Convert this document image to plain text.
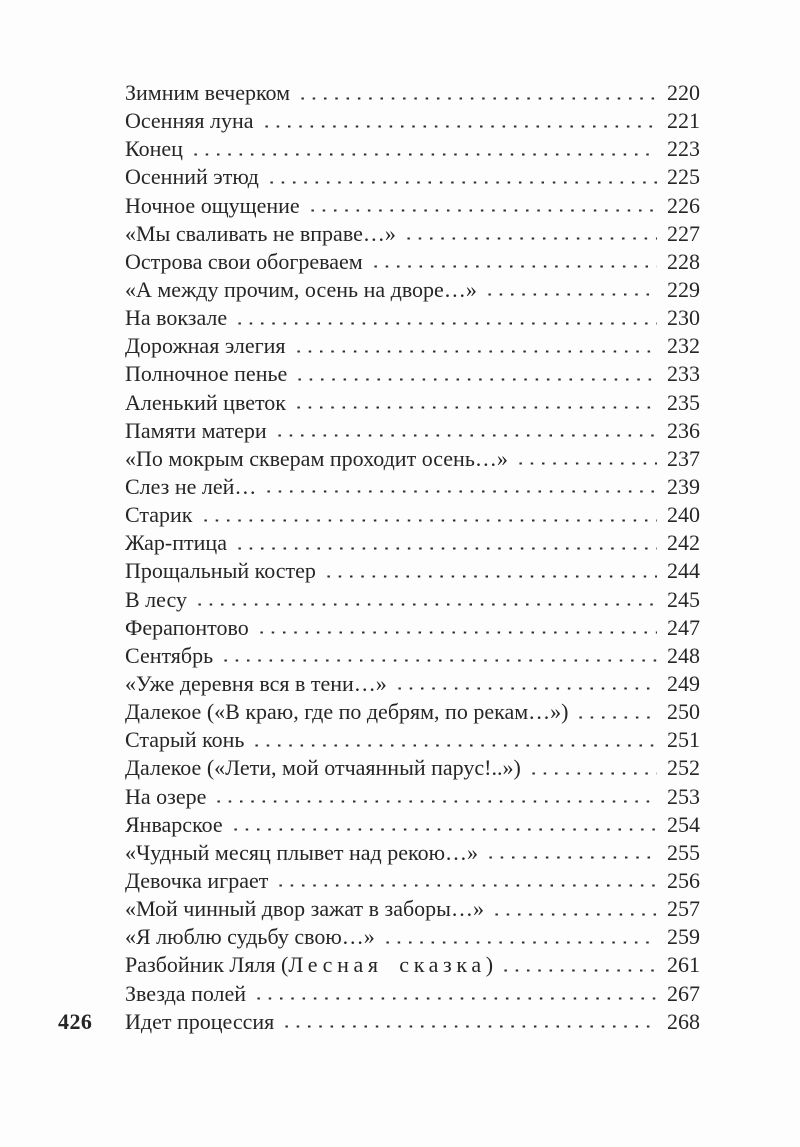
Зимним вечерком	220
Осенняя луна	221
Конец	223
Осенний этюд	225
Ночное ощущение	226
«Мы сваливать не вправе…»	227
Острова свои обогреваем	228
«А между прочим, осень на дворе…»	229
На вокзале	230
Дорожная элегия	232
Полночное пенье	233
Аленький цветок	235
Памяти матери	236
«По мокрым скверам проходит осень…»	237
Слез не лей…	239
Старик	240
Жар-птица	242
Прощальный костер	244
В лесу	245
Ферапонтово	247
Сентябрь	248
«Уже деревня вся в тени…»	249
Далекое («В краю, где по дебрям, по рекам…»)	250
Старый конь	251
Далекое («Лети, мой отчаянный парус!..»)	252
На озере	253
Январское	254
«Чудный месяц плывет над рекою…»	255
Девочка играет	256
«Мой чинный двор зажат в заборы…»	257
«Я люблю судьбу свою…»	259
Разбойник Ляля ( Лесная сказка )	261
Звезда полей	267
Идет процессия	268
426
